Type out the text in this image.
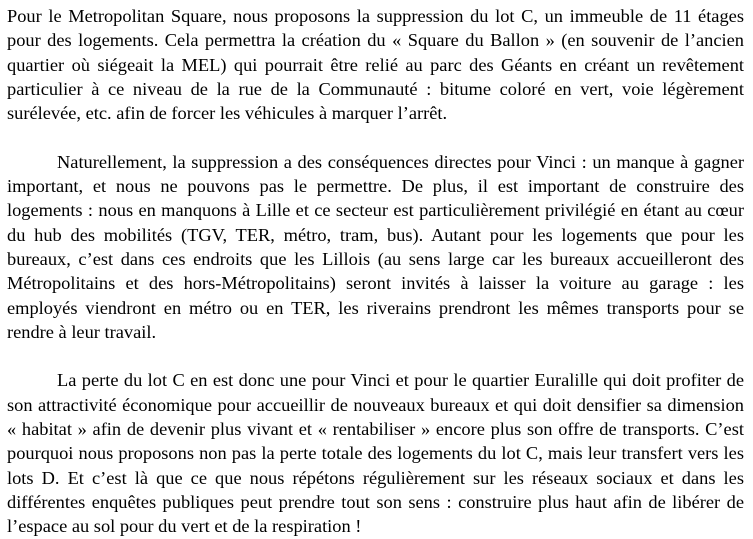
Pour le Metropolitan Square, nous proposons la suppression du lot C, un immeuble de 11 étages pour des logements. Cela permettra la création du « Square du Ballon » (en souvenir de l’ancien quartier où siégeait la MEL) qui pourrait être relié au parc des Géants en créant un revêtement particulier à ce niveau de la rue de la Communauté : bitume coloré en vert, voie légèrement surélevée, etc. afin de forcer les véhicules à marquer l’arrêt.

Naturellement, la suppression a des conséquences directes pour Vinci : un manque à gagner important, et nous ne pouvons pas le permettre. De plus, il est important de construire des logements : nous en manquons à Lille et ce secteur est particulièrement privilégié en étant au cœur du hub des mobilités (TGV, TER, métro, tram, bus). Autant pour les logements que pour les bureaux, c’est dans ces endroits que les Lillois (au sens large car les bureaux accueilleront des Métropolitains et des hors-Métropolitains) seront invités à laisser la voiture au garage : les employés viendront en métro ou en TER, les riverains prendront les mêmes transports pour se rendre à leur travail.

La perte du lot C en est donc une pour Vinci et pour le quartier Euralille qui doit profiter de son attractivité économique pour accueillir de nouveaux bureaux et qui doit densifier sa dimension « habitat » afin de devenir plus vivant et « rentabiliser » encore plus son offre de transports. C’est pourquoi nous proposons non pas la perte totale des logements du lot C, mais leur transfert vers les lots D. Et c’est là que ce que nous répétons régulièrement sur les réseaux sociaux et dans les différentes enquêtes publiques peut prendre tout son sens : construire plus haut afin de libérer de l’espace au sol pour du vert et de la respiration !
